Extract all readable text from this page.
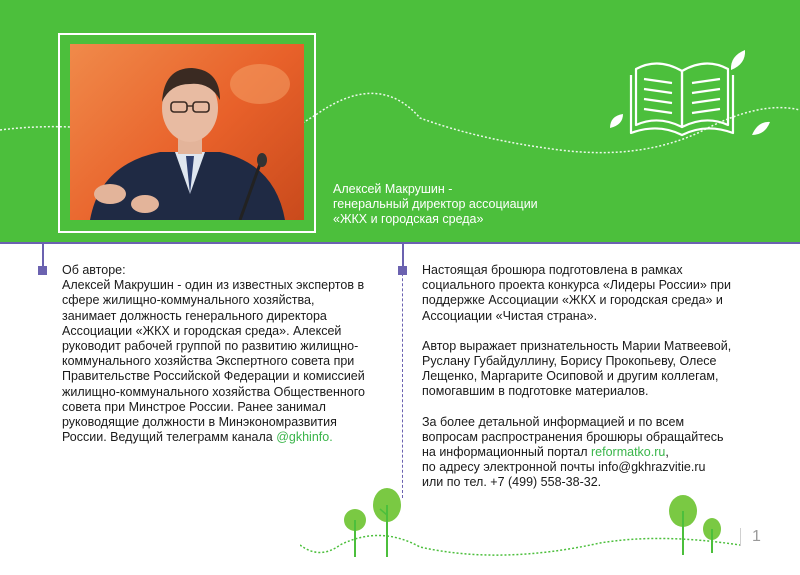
Алексей Макрушин -
генеральный директор ассоциации
«ЖКХ и городская среда»

Об авторе:

Алексей Макрушин - один из известных экспертов в сфере жилищно-коммунального хозяйства, занимает должность генерального директора Ассоциации «ЖКХ и городская среда». Алексей руководит рабочей группой по развитию жилищно-коммунального хозяйства Экспертного совета при Правительстве Российской Федерации и комиссией жилищно-коммунального хозяйства Общественного совета при Минстрое России. Ранее занимал руководящие должности в Минэкономразвития России. Ведущий телеграмм канала @gkhinfo.

Настоящая брошюра подготовлена в рамках социального проекта конкурса «Лидеры России» при поддержке Ассоциации «ЖКХ и городская среда» и Ассоциации «Чистая страна».

Автор выражает признательность Марии Матвеевой, Руслану Губайдуллину, Борису Прокопьеву, Олесе Лещенко, Маргарите Осиповой и другим коллегам, помогавшим в подготовке материалов.

За более детальной информацией и по всем вопросам распространения брошюры обращайтесь на информационный портал reformatko.ru,

по адресу электронной почты info@gkhrazvitie.ru

или по тел. +7 (499) 558-38-32.

1
